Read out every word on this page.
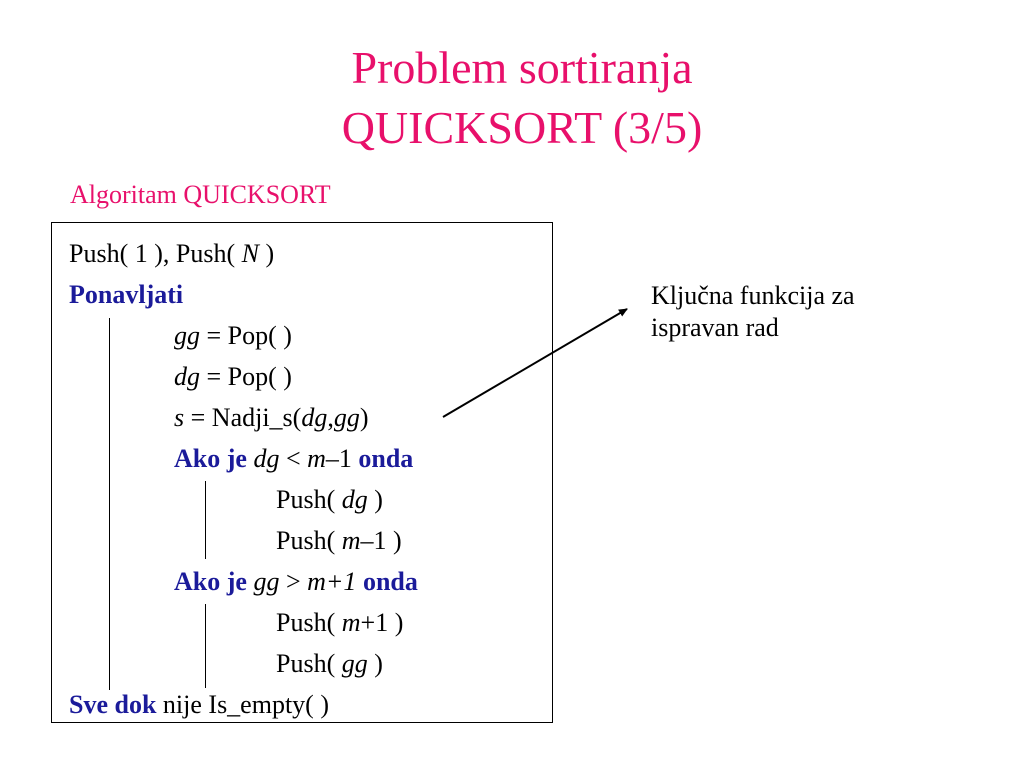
Problem sortiranja
QUICKSORT (3/5)
Algoritam QUICKSORT
Push( 1 ), Push( N )
Ponavljati
gg = Pop( )
dg = Pop( )
s = Nadji_s(dg,gg)
Ako je dg < m–1 onda
Push( dg )
Push( m–1 )
Ako je gg > m+1 onda
Push( m+1 )
Push( gg )
Sve dok nije Is_empty( )
Ključna funkcija za
ispravan rad
